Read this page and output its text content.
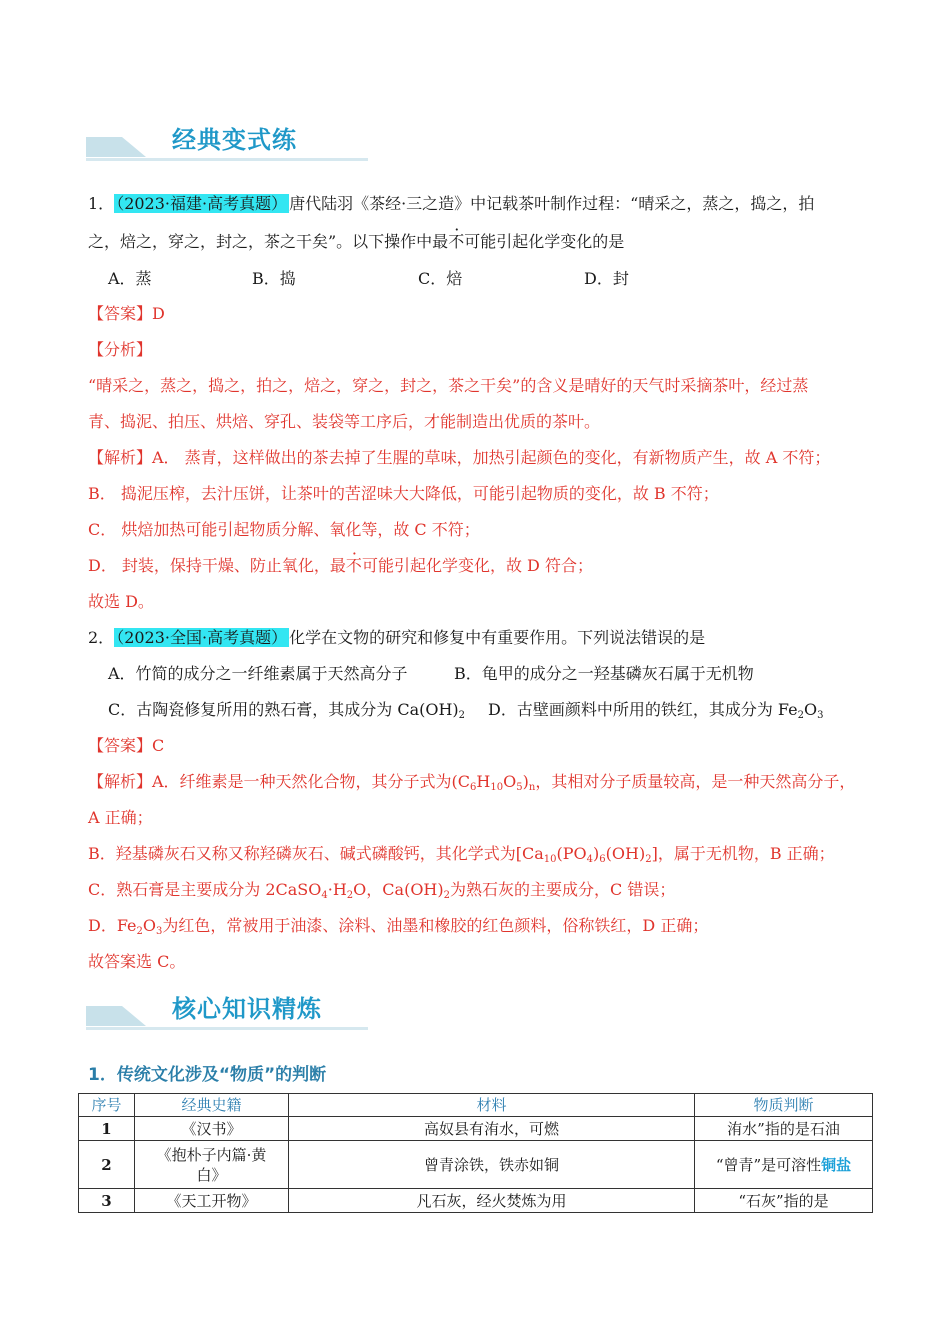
经典变式练
1． （2023·福建·高考真题） 唐代陆羽《茶经·三之造》中记载茶叶制作过程：“晴采之，蒸之，捣之，拍
之，焙之，穿之，封之，茶之干矣”。以下操作中最不可能引起化学变化的是
A．蒸	B．捣	C．焙	D．封
【答案】D
【分析】
“晴采之，蒸之，捣之，拍之，焙之，穿之，封之，茶之干矣”的含义是晴好的天气时采摘茶叶，经过蒸
青、捣泥、拍压、烘焙、穿孔、装袋等工序后，才能制造出优质的茶叶。
【解析】A． 蒸青，这样做出的茶去掉了生腥的草味，加热引起颜色的变化，有新物质产生，故 A 不符；
B． 捣泥压榨，去汁压饼，让茶叶的苦涩味大大降低，可能引起物质的变化，故 B 不符；
C． 烘焙加热可能引起物质分解、氧化等，故 C 不符；
D． 封装，保持干燥、防止氧化，最不可能引起化学变化，故 D 符合；
故选 D。
2． （2023·全国·高考真题） 化学在文物的研究和修复中有重要作用。下列说法错误的是
A．竹简的成分之一纤维素属于天然高分子	B．龟甲的成分之一羟基磷灰石属于无机物
C．古陶瓷修复所用的熟石膏，其成分为 $Ca(OH)_2$ D．古壁画颜料中所用的铁红，其成分为 $Fe_2O_3$
【答案】C
【解析】A．纤维素是一种天然化合物，其分子式为$(C_6H_{10}O_5)_n$，其相对分子质量较高，是一种天然高分子，
A 正确；
B．羟基磷灰石又称又称羟磷灰石、碱式磷酸钙，其化学式为$[Ca_{10}(PO_4)_6(OH)_2]$，属于无机物，B 正确；
C．熟石膏是主要成分为 $2CaSO_4\cdot H_2O$，$Ca(OH)_2$为熟石灰的主要成分，C 错误；
D．$Fe_2O_3$为红色，常被用于油漆、涂料、油墨和橡胶的红色颜料，俗称铁红，D 正确；
故答案选 C。
核心知识精炼
1．传统文化涉及“物质”的判断
序号	经典史籍	材料	物质判断
1	《汉书》	高奴县有洧水，可燃	洧水”指的是石油
2	《抱朴子内篇·黄
白》	曾青涂铁，铁赤如铜	“曾青”是可溶性铜盐
3	《天工开物》	凡石灰，经火焚炼为用	“石灰”指的是
